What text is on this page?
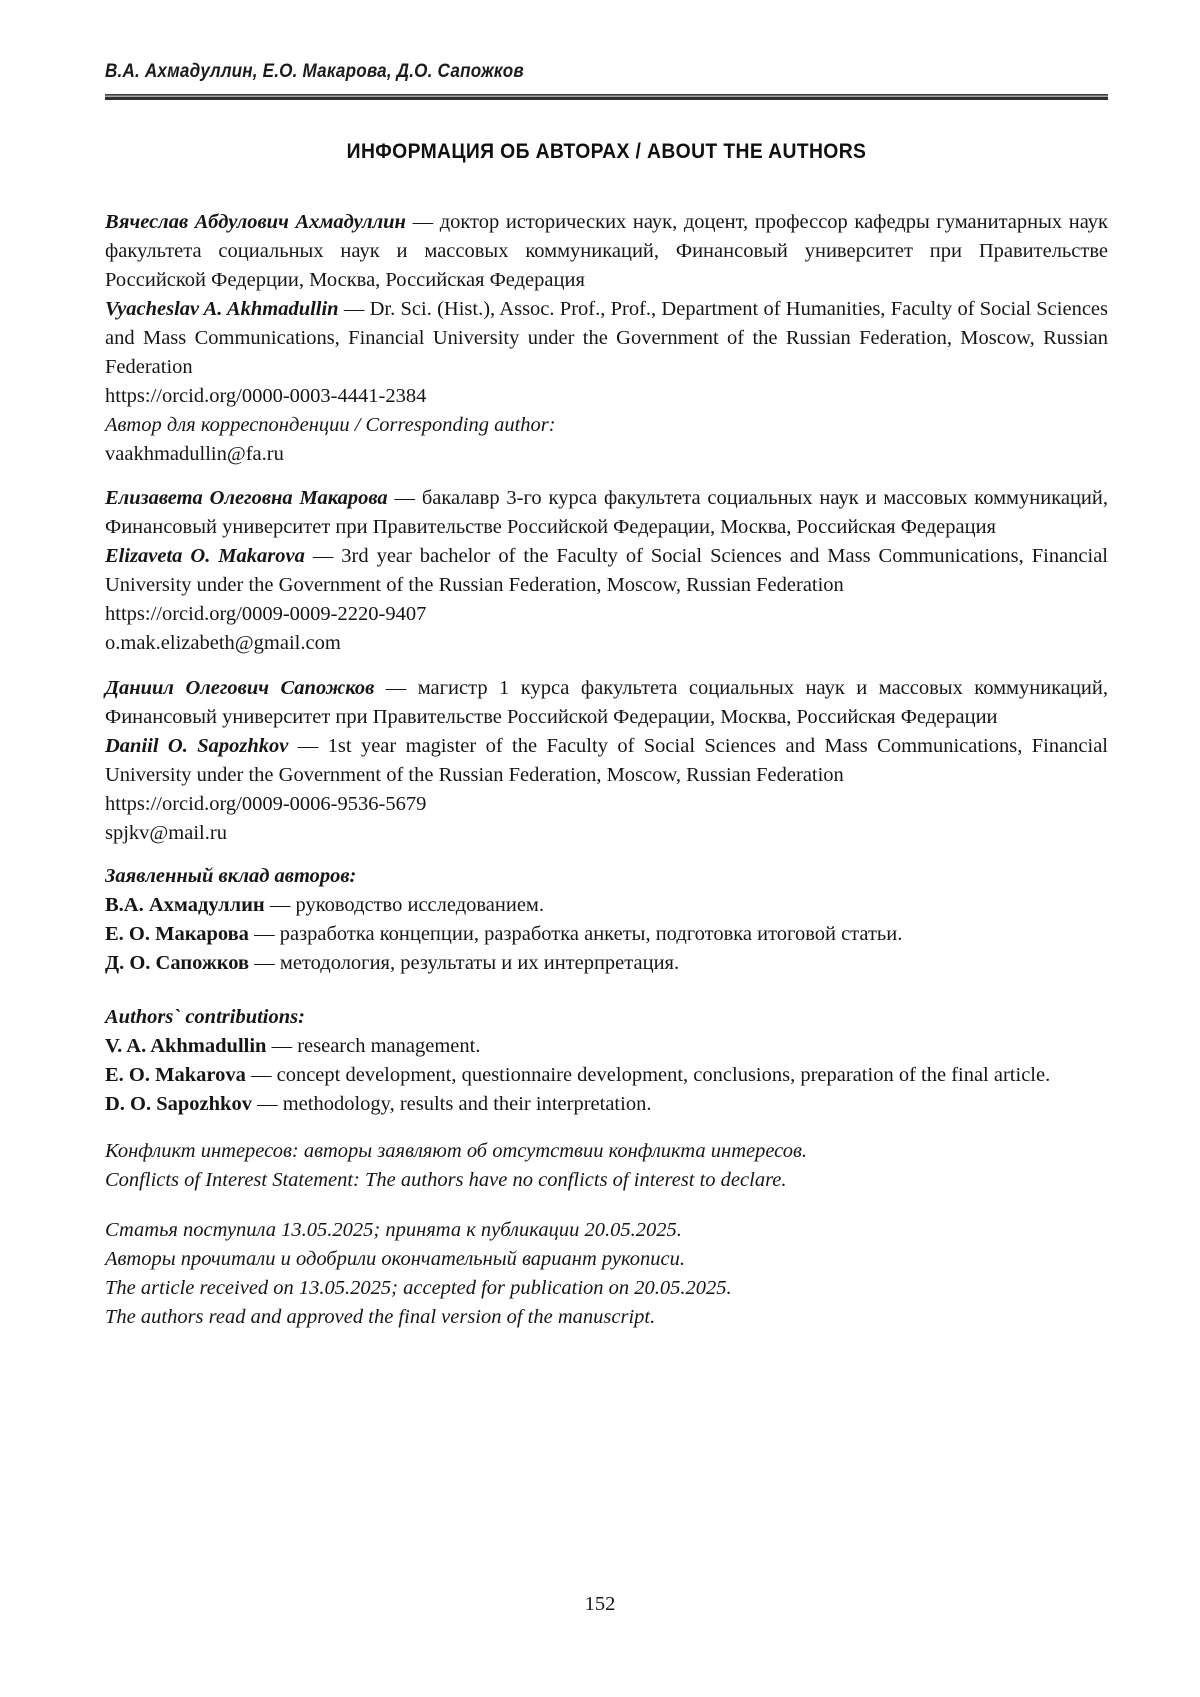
В.А. Ахмадуллин, Е.О. Макарова, Д.О. Сапожков
ИНФОРМАЦИЯ ОБ АВТОРАХ / ABOUT THE AUTHORS

Вячеслав Абдулович Ахмадуллин — доктор исторических наук, доцент, профессор кафедры гуманитарных наук факультета социальных наук и массовых коммуникаций, Финансовый университет при Правительстве Российской Федерции, Москва, Российская Федерация

Vyacheslav A. Akhmadullin — Dr. Sci. (Hist.), Assoc. Prof., Prof., Department of Humanities, Faculty of Social Sciences and Mass Communications, Financial University under the Government of the Russian Federation, Moscow, Russian Federation

https://orcid.org/0000-0003-4441-2384

Автор для корреспонденции / Corresponding author:

vaakhmadullin@fa.ru

Елизавета Олеговна Макарова — бакалавр 3-го курса факультета социальных наук и массовых коммуникаций, Финансовый университет при Правительстве Российской Федерации, Москва, Российская Федерация

Elizaveta O. Makarova — 3rd year bachelor of the Faculty of Social Sciences and Mass Communications, Financial University under the Government of the Russian Federation, Moscow, Russian Federation

https://orcid.org/0009-0009-2220-9407

o.mak.elizabeth@gmail.com

Даниил Олегович Сапожков — магистр 1 курса факультета социальных наук и массовых коммуникаций, Финансовый университет при Правительстве Российской Федерации, Москва, Российская Федерации

Daniil O. Sapozhkov — 1st year magister of the Faculty of Social Sciences and Mass Communications, Financial University under the Government of the Russian Federation, Moscow, Russian Federation

https://orcid.org/0009-0006-9536-5679

spjkv@mail.ru

Заявленный вклад авторов:

В.А. Ахмадуллин — руководство исследованием.

Е. О. Макарова — разработка концепции, разработка анкеты, подготовка итоговой статьи.

Д. О. Сапожков — методология, результаты и их интерпретация.

Authors` contributions:

V. A. Akhmadullin — research management.

E. O. Makarova — concept development, questionnaire development, conclusions, preparation of the final article.

D. O. Sapozhkov — methodology, results and their interpretation.

Конфликт интересов: авторы заявляют об отсутствии конфликта интересов.

Conflicts of Interest Statement: The authors have no conflicts of interest to declare.

Статья поступила 13.05.2025; принята к публикации 20.05.2025.

Авторы прочитали и одобрили окончательный вариант рукописи.

The article received on 13.05.2025; accepted for publication on 20.05.2025.

The authors read and approved the final version of the manuscript.

152
